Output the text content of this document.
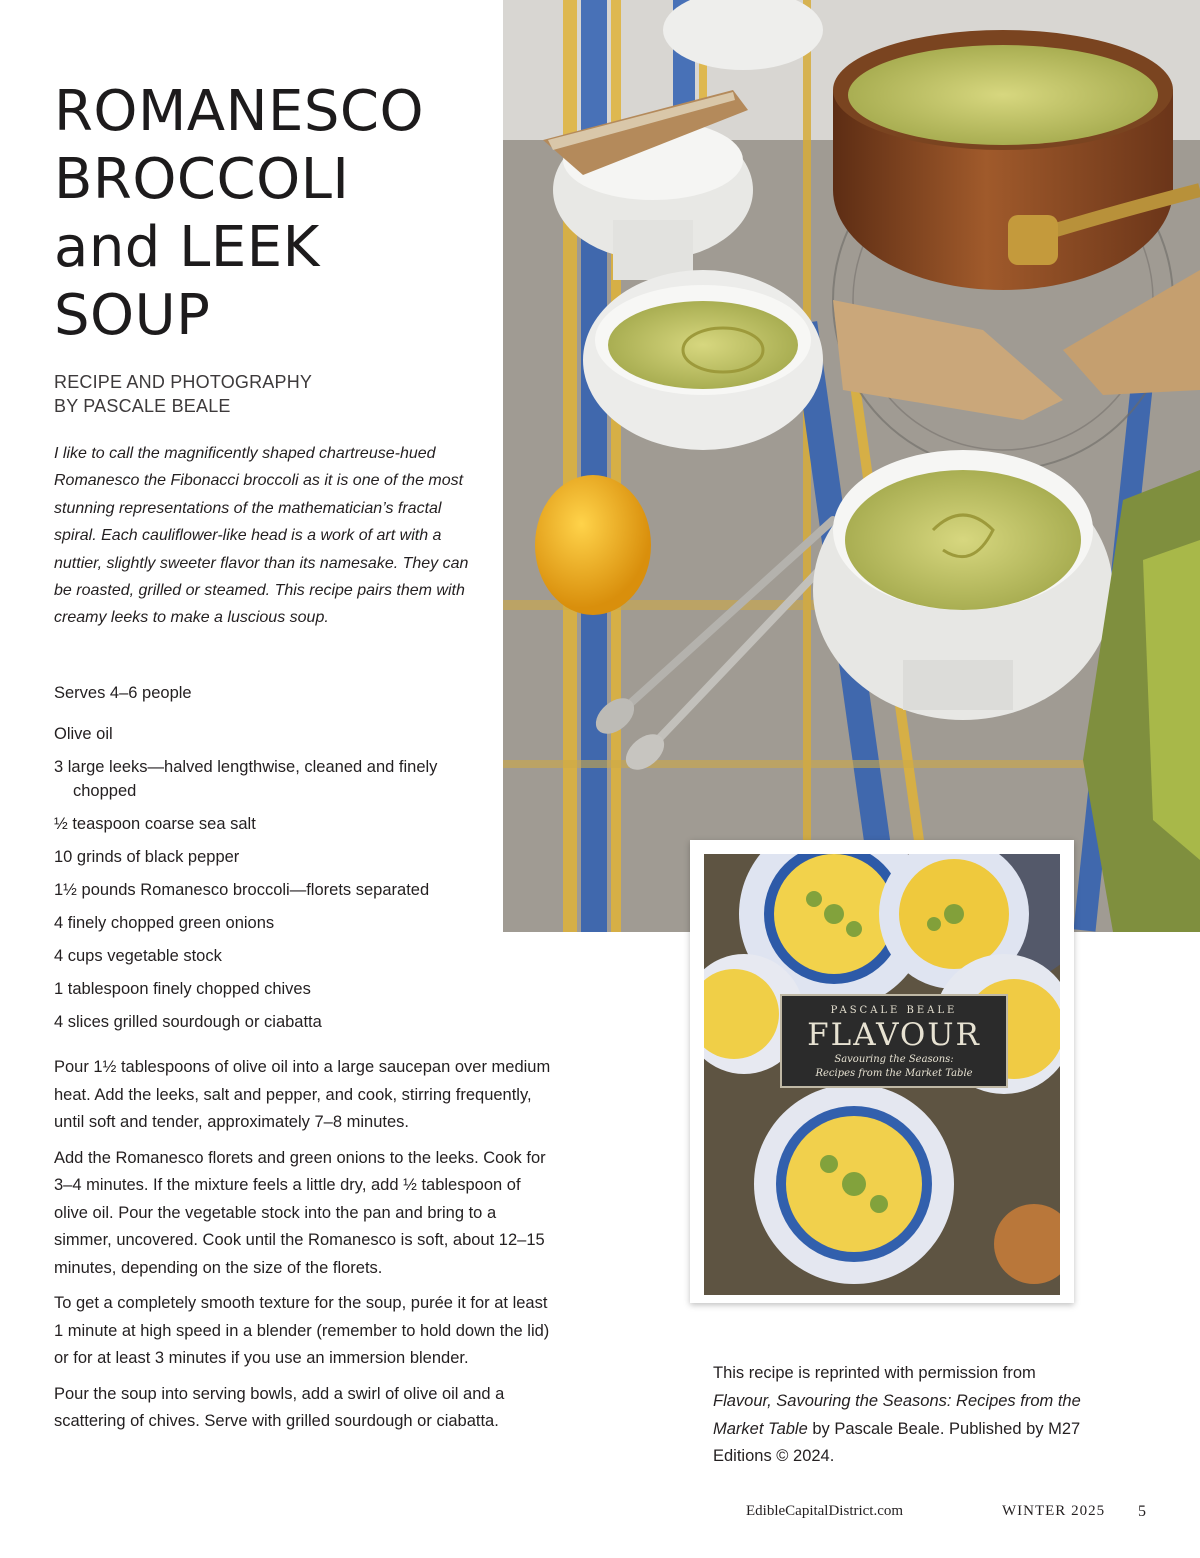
ROMANESCO
BROCCOLI
and LEEK
SOUP
RECIPE AND PHOTOGRAPHY
BY PASCALE BEALE

I like to call the magnificently shaped chartreuse-hued Romanesco the Fibonacci broccoli as it is one of the most stunning representations of the mathematician’s fractal spiral. Each cauliflower-like head is a work of art with a nuttier, slightly sweeter flavor than its namesake. They can be roasted, grilled or steamed. This recipe pairs them with creamy leeks to make a luscious soup.

Serves 4–6 people
Olive oil
3 large leeks—halved lengthwise, cleaned and finely chopped
½ teaspoon coarse sea salt
10 grinds of black pepper
1½ pounds Romanesco broccoli—florets separated
4 finely chopped green onions
4 cups vegetable stock
1 tablespoon finely chopped chives
4 slices grilled sourdough or ciabatta

Pour 1½ tablespoons of olive oil into a large saucepan over medium heat. Add the leeks, salt and pepper, and cook, stirring frequently, until soft and tender, approximately 7–8 minutes.

Add the Romanesco florets and green onions to the leeks. Cook for 3–4 minutes. If the mixture feels a little dry, add ½ tablespoon of olive oil. Pour the vegetable stock into the pan and bring to a simmer, uncovered. Cook until the Romanesco is soft, about 12–15 minutes, depending on the size of the florets.

To get a completely smooth texture for the soup, purée it for at least 1 minute at high speed in a blender (remember to hold down the lid) or for at least 3 minutes if you use an immersion blender.

Pour the soup into serving bowls, add a swirl of olive oil and a scattering of chives. Serve with grilled sourdough or ciabatta.

PASCALE BEALE
FLAVOUR
Savouring the Seasons:
Recipes from the Market Table

This recipe is reprinted with permission from Flavour, Savouring the Seasons: Recipes from the Market Table by Pascale Beale. Published by M27 Editions © 2024.

EdibleCapitalDistrict.com	WINTER 2025 5
